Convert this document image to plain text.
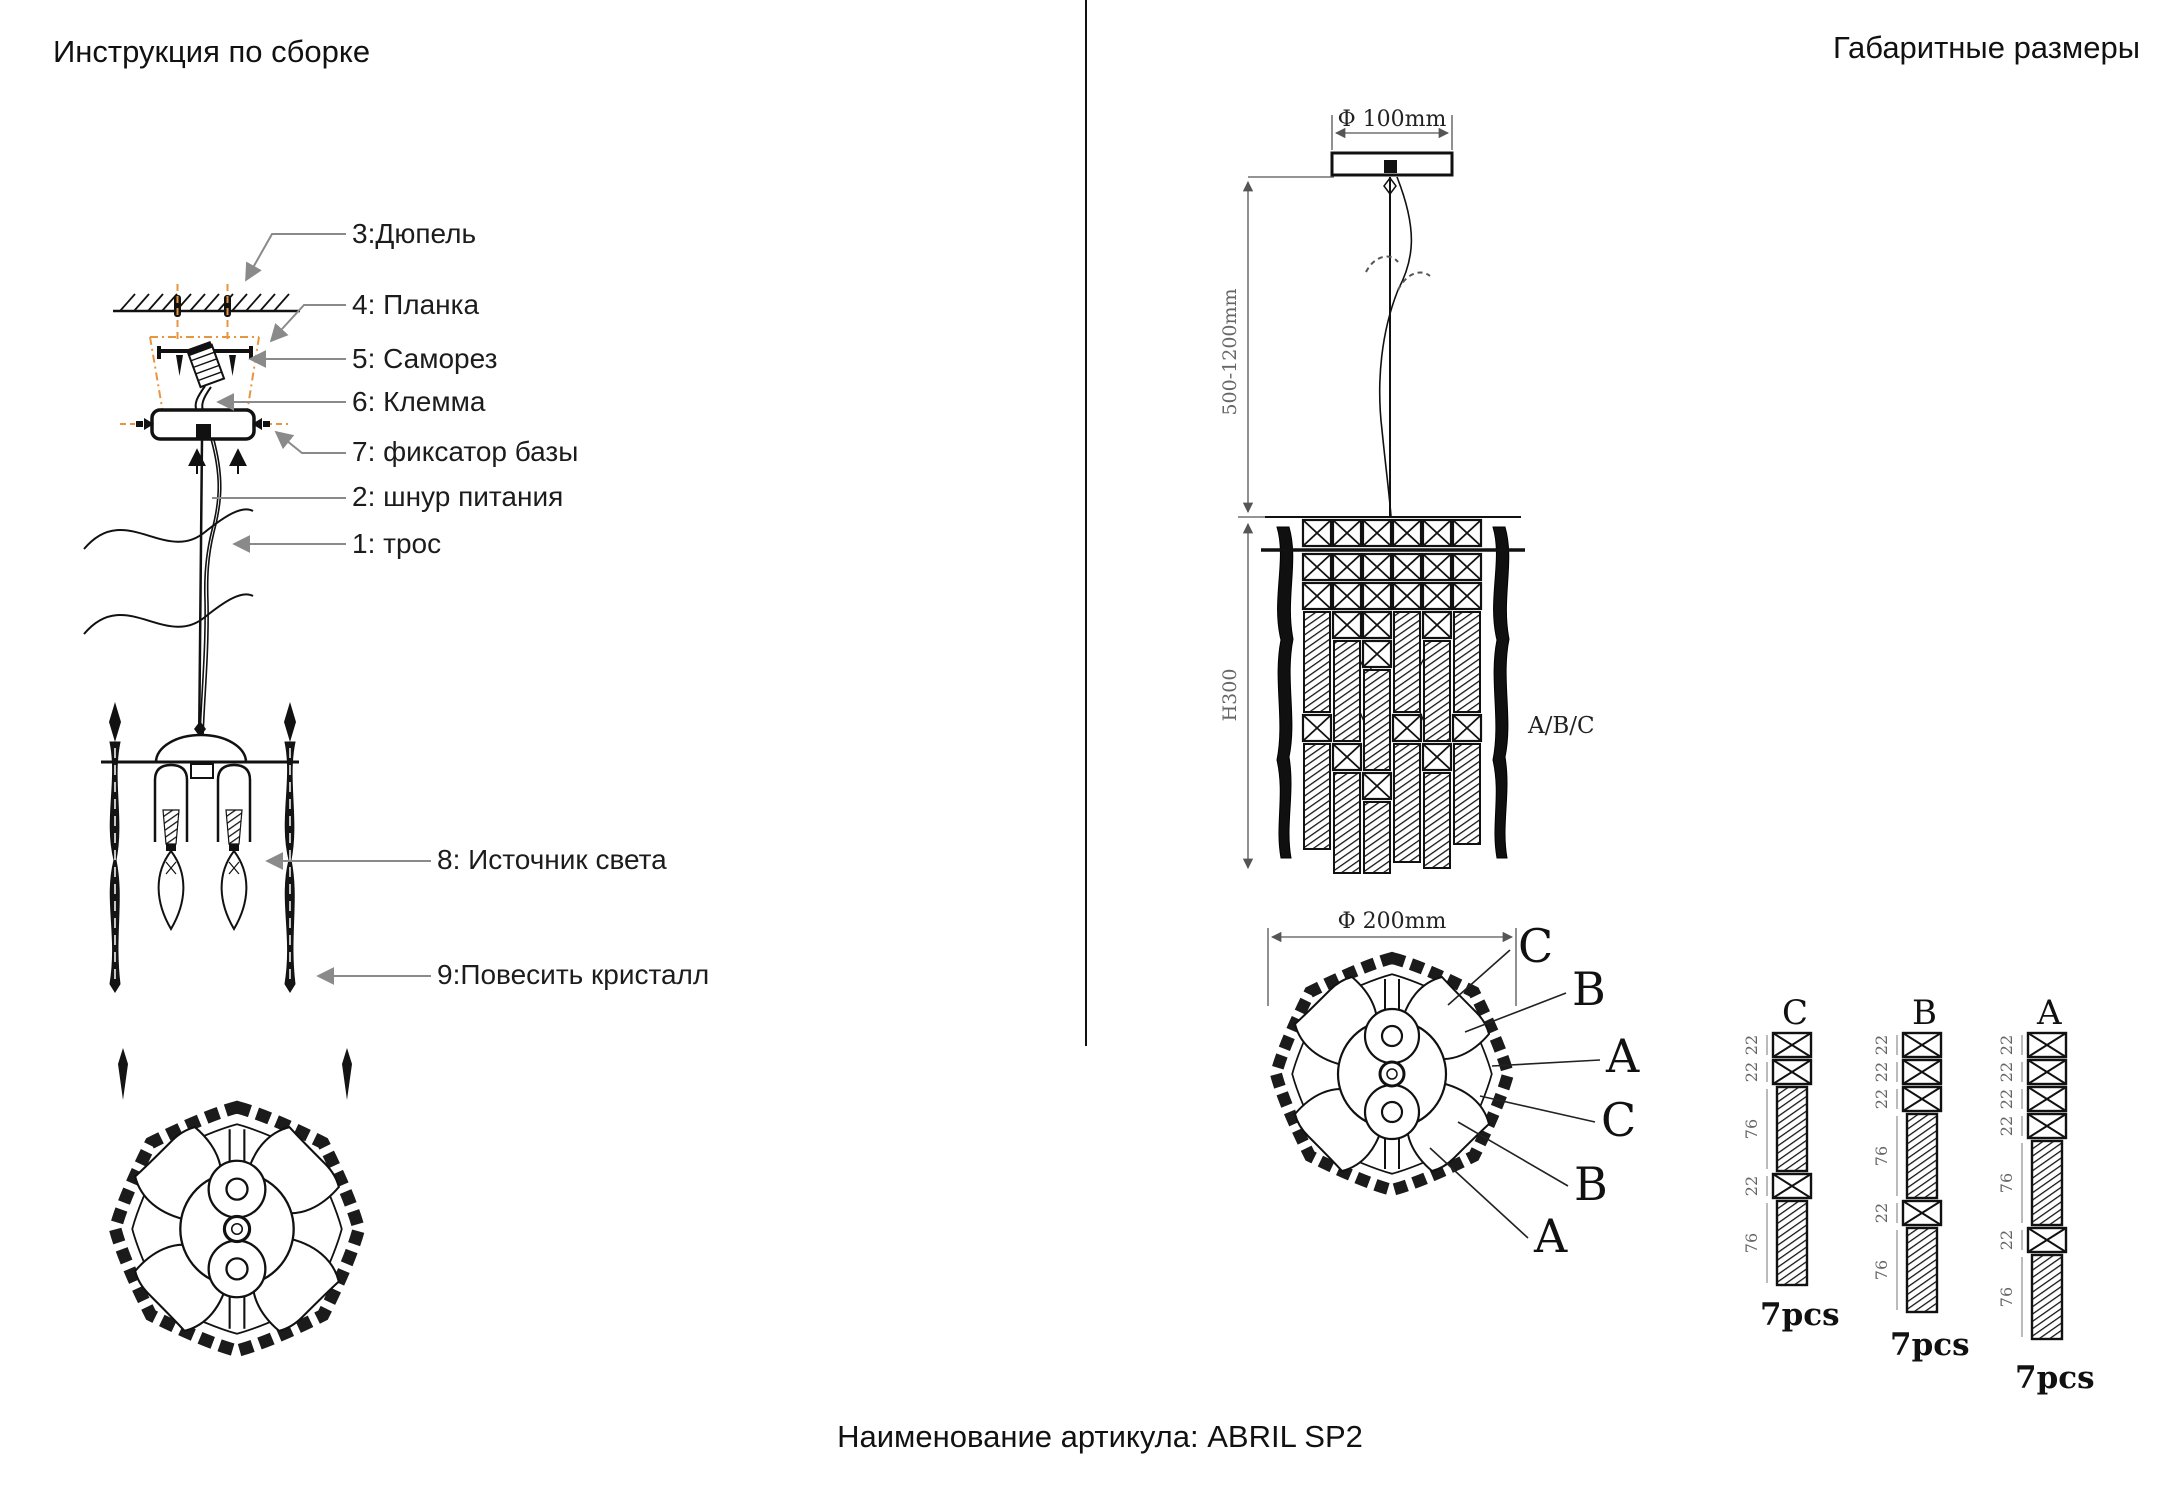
Инструкция по сборке	Габаритные размеры
Наименование артикула: ABRIL SP2
3:Дюпель
4: Планка
5: Саморез
6: Клемма
7: фиксатор базы
2: шнур питания
1: трос
8: Источник света
9:Повесить кристалл
Φ 100mm
500-1200mm
H300
A/B/C
Φ 200mm C
B
A
C
B
A
C
22
22
76
22
76
7pcs
B
22
22
22
76
22
76
7pcs
A
22
22
22
22
76
22
76
7pcs
